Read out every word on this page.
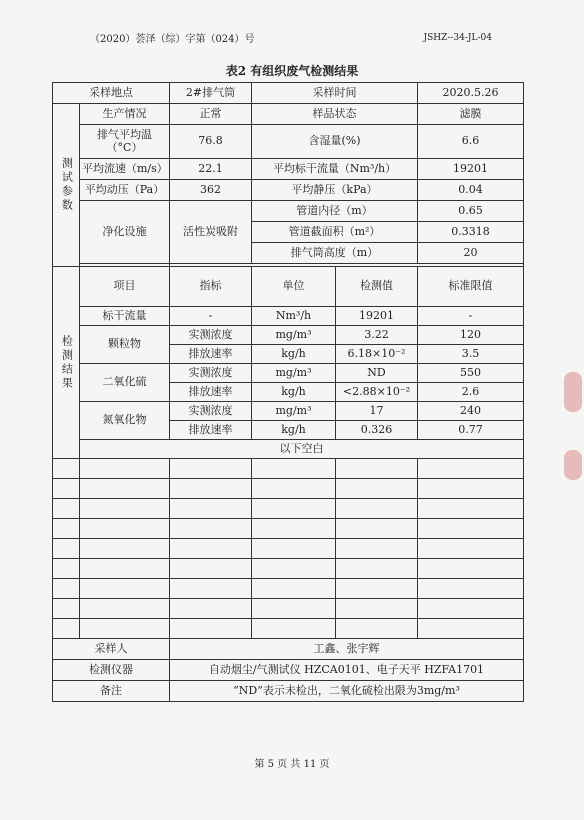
（2020）荟泽（综）字第（024）号	JSHZ--34-JL-04
表2 有组织废气检测结果
采样地点		2#排气筒	采样时间		2020.5.26

测试参数	生产情况	正常	样品状态		滤膜
	排气平均温（°C）	76.8	含湿量(%)		6.6
	平均流速（m/s）	22.1	平均标干流量（Nm³/h）		19201
	平均动压（Pa）	362	平均静压（kPa）		0.04
	净化设施	活性炭吸附	管道内径（m）		0.65
			管道截面积（m²）		0.3318
			排气筒高度（m）		20

检测结果	项目	指标	单位	检测值	标准限值
	标干流量	-	Nm³/h	19201	-
	颗粒物	实测浓度	mg/m³	3.22	120
		排放速率	kg/h	6.18×10⁻²	3.5
	二氧化硫	实测浓度	mg/m³	ND	550
		排放速率	kg/h	<2.88×10⁻²	2.6
	氮氧化物	实测浓度	mg/m³	17	240
		排放速率	kg/h	0.326	0.77
	以下空白				

采样人		工鑫、张宇辉			
检测仪器		自动烟尘/气测试仪 HZCA0101、电子天平 HZFA1701			
备注		“ND”表示未检出，二氧化硫检出限为3mg/m³			
第 5 页 共 11 页
